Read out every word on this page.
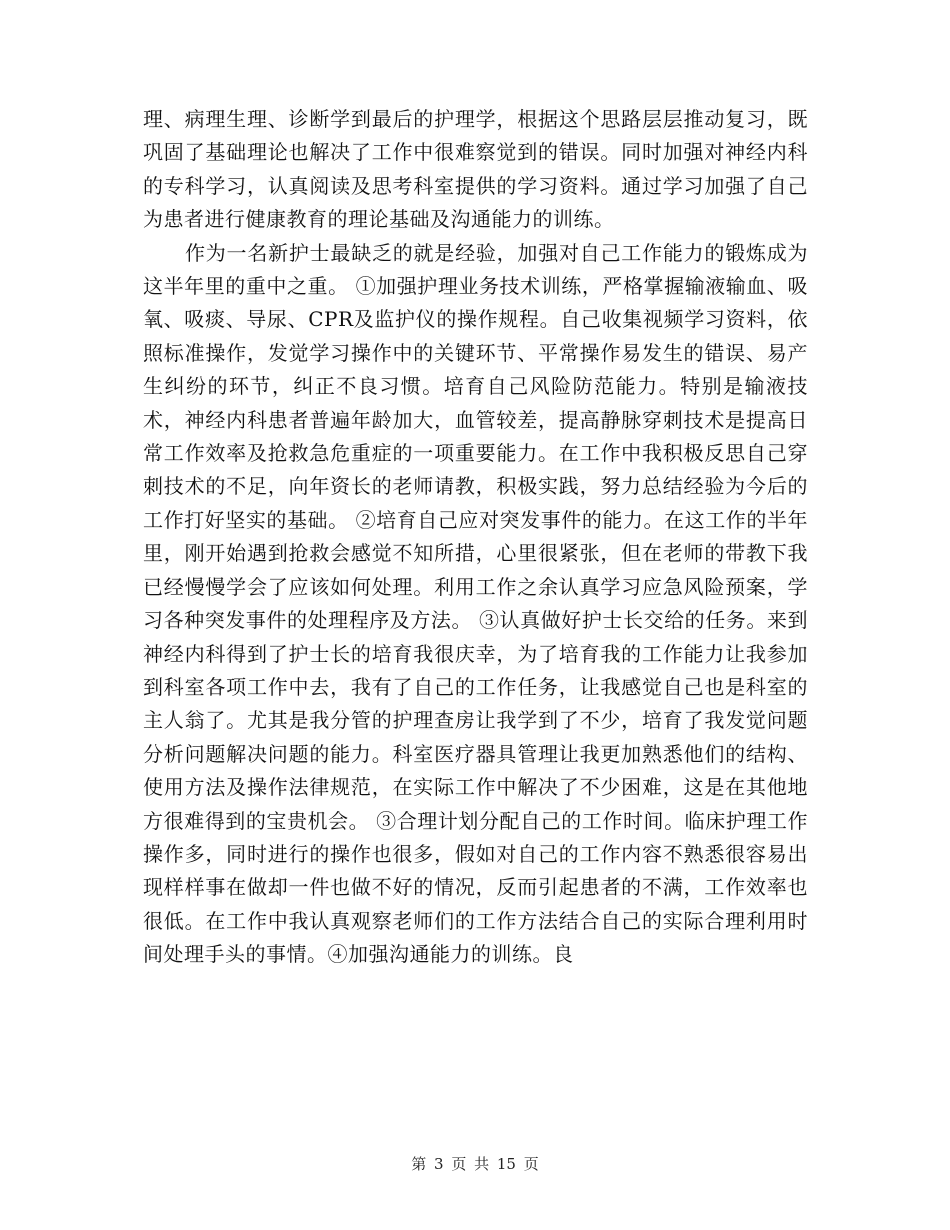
理、病理生理、诊断学到最后的护理学，根据这个思路层层推动复习，既巩固了基础理论也解决了工作中很难察觉到的错误。同时加强对神经内科的专科学习，认真阅读及思考科室提供的学习资料。通过学习加强了自己为患者进行健康教育的理论基础及沟通能力的训练。

作为一名新护士最缺乏的就是经验，加强对自己工作能力的锻炼成为这半年里的重中之重。 ①加强护理业务技术训练，严格掌握输液输血、吸氧、吸痰、导尿、CPR及监护仪的操作规程。自己收集视频学习资料，依照标准操作，发觉学习操作中的关键环节、平常操作易发生的错误、易产生纠纷的环节，纠正不良习惯。培育自己风险防范能力。特别是输液技术，神经内科患者普遍年龄加大，血管较差，提高静脉穿刺技术是提高日常工作效率及抢救急危重症的一项重要能力。在工作中我积极反思自己穿刺技术的不足，向年资长的老师请教，积极实践，努力总结经验为今后的工作打好坚实的基础。 ②培育自己应对突发事件的能力。在这工作的半年里，刚开始遇到抢救会感觉不知所措，心里很紧张，但在老师的带教下我已经慢慢学会了应该如何处理。利用工作之余认真学习应急风险预案，学习各种突发事件的处理程序及方法。 ③认真做好护士长交给的任务。来到神经内科得到了护士长的培育我很庆幸，为了培育我的工作能力让我参加到科室各项工作中去，我有了自己的工作任务，让我感觉自己也是科室的主人翁了。尤其是我分管的护理查房让我学到了不少，培育了我发觉问题分析问题解决问题的能力。科室医疗器具管理让我更加熟悉他们的结构、使用方法及操作法律规范，在实际工作中解决了不少困难，这是在其他地方很难得到的宝贵机会。 ③合理计划分配自己的工作时间。临床护理工作操作多，同时进行的操作也很多，假如对自己的工作内容不熟悉很容易出现样样事在做却一件也做不好的情况，反而引起患者的不满，工作效率也很低。在工作中我认真观察老师们的工作方法结合自己的实际合理利用时间处理手头的事情。④加强沟通能力的训练。良

第 3 页 共 15 页
